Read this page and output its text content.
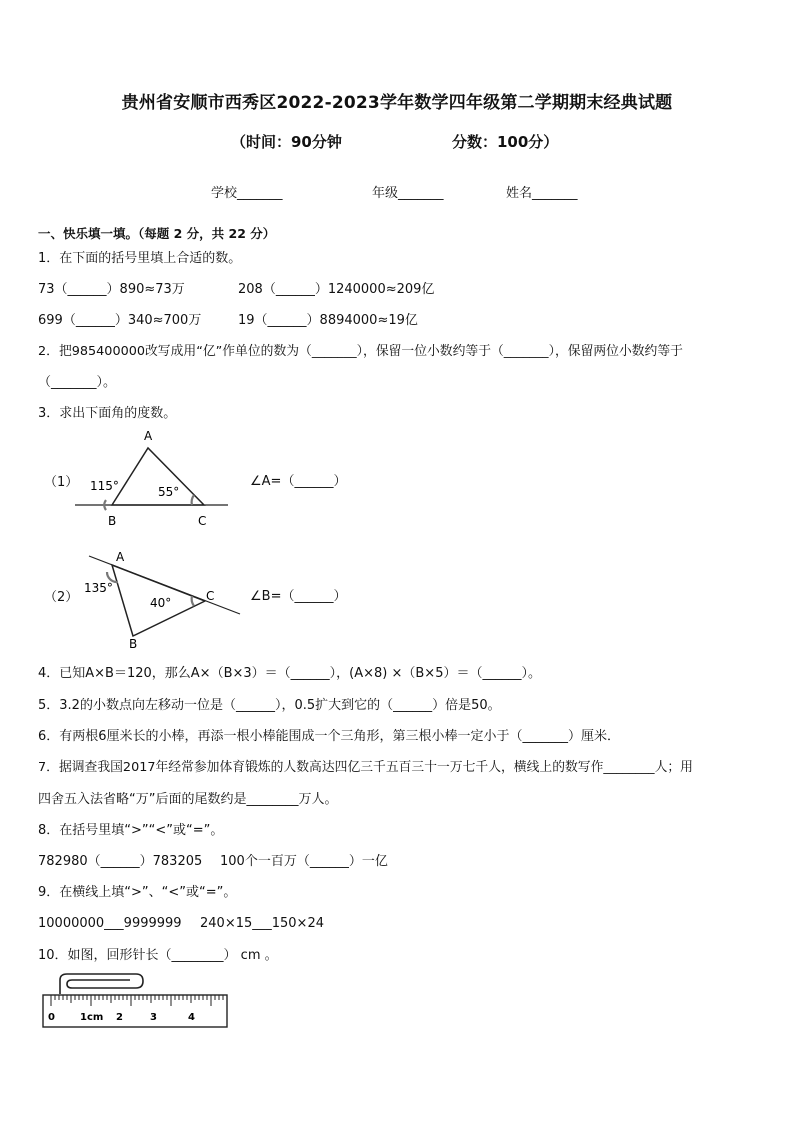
贵州省安顺市西秀区2022-2023学年数学四年级第二学期期末经典试题
（时间：90分钟	分数：100分）
学校_______	年级_______	姓名_______
一、快乐填一填。（每题 2 分，共 22 分）
1．在下面的括号里填上合适的数。
73（______）890≈73万	208（______）1240000≈209亿
699（______）340≈700万	19（______）8894000≈19亿
2．把985400000改写成用“亿”作单位的数为（_______），保留一位小数约等于（_______），保留两位小数约等于
（_______）。
3．求出下面角的度数。
（1）
A
B	C
115°	55°
∠A=（______）
（2）
A
B
C
135°
40°	∠B=（______）
4．已知A×B＝120，那么A×（B×3）＝（______），(A×8) ×（B×5）＝（______）。
5．3.2的小数点向左移动一位是（______），0.5扩大到它的（______）倍是50。
6．有两根6厘米长的小棒，再添一根小棒能围成一个三角形，第三根小棒一定小于（_______）厘米．
7．据调查我国2017年经常参加体育锻炼的人数高达四亿三千五百三十一万七千人，横线上的数写作________人；用
四舍五入法省略“万”后面的尾数约是________万人。
8．在括号里填“>”“<”或“=”。
782980（______）783205 100个一百万（______）一亿
9．在横线上填“>”、“<”或“=”。
10000000___9999999 240×15___150×24
10．如图，回形针长（________） cm 。
0	1cm 2	3	4
